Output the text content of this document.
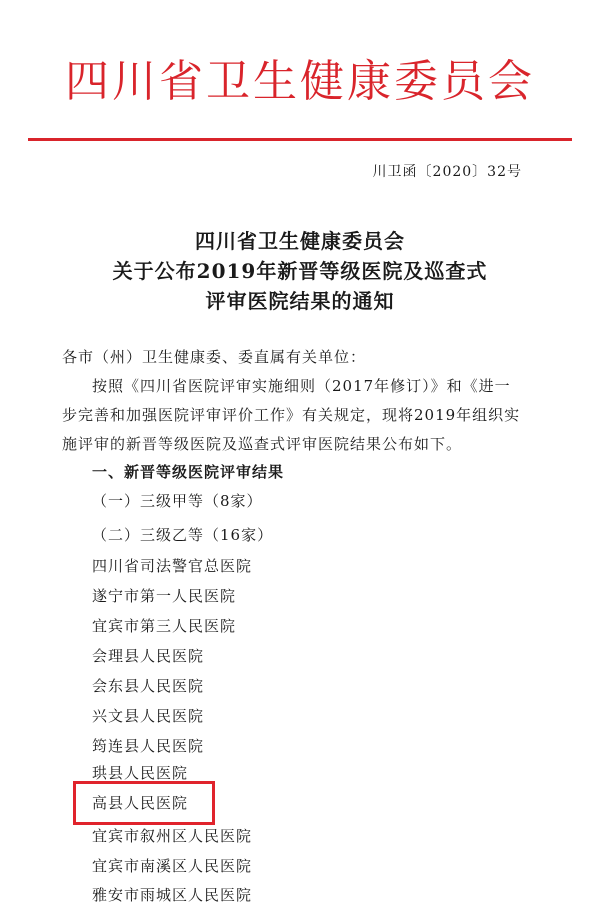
四川省卫生健康委员会
川卫函〔2020〕32号
四川省卫生健康委员会
关于公布2019年新晋等级医院及巡查式
评审医院结果的通知
各市（州）卫生健康委、委直属有关单位：
按照《四川省医院评审实施细则（2017年修订）》和《进一
步完善和加强医院评审评价工作》有关规定，现将2019年组织实
施评审的新晋等级医院及巡查式评审医院结果公布如下。
一、新晋等级医院评审结果
（一）三级甲等（8家）
（二）三级乙等（16家）
四川省司法警官总医院
遂宁市第一人民医院
宜宾市第三人民医院
会理县人民医院
会东县人民医院
兴文县人民医院
筠连县人民医院
珙县人民医院
高县人民医院
宜宾市叙州区人民医院
宜宾市南溪区人民医院
雅安市雨城区人民医院
